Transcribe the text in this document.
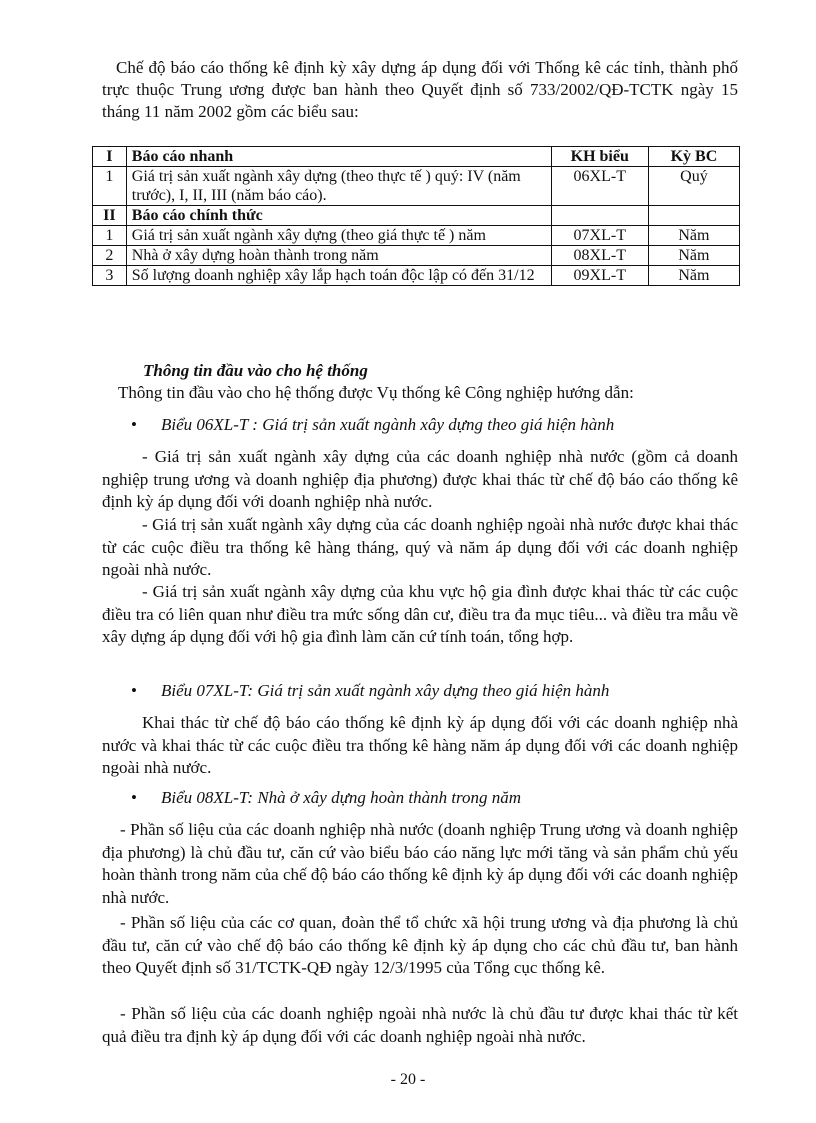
Chế độ báo cáo thống kê định kỳ xây dựng áp dụng đối với Thống kê các tỉnh, thành phố trực thuộc Trung ương được ban hành theo Quyết định số 733/2002/QĐ-TCTK ngày 15 tháng 11 năm 2002 gồm các biểu sau:

I	Báo cáo nhanh	KH biểu	Kỳ BC
1	Giá trị sản xuất ngành xây dựng (theo thực tế ) quý: IV (năm trước), I, II, III (năm báo cáo).	06XL-T	Quý
II	Báo cáo chính thức		
1	Giá trị sản xuất ngành xây dựng (theo giá thực tế ) năm	07XL-T	Năm
2	Nhà ở xây dựng hoàn thành trong năm	08XL-T	Năm
3	Số lượng doanh nghiệp xây lắp hạch toán độc lập có đến 31/12	09XL-T	Năm

Thông tin đầu vào cho hệ thống

Thông tin đầu vào cho hệ thống được Vụ thống kê Công nghiệp hướng dẫn:

• Biểu 06XL-T : Giá trị sản xuất ngành xây dựng theo giá hiện hành

- Giá trị sản xuất ngành xây dựng của các doanh nghiệp nhà nước (gồm cả doanh nghiệp trung ương và doanh nghiệp địa phương) được khai thác từ chế độ báo cáo thống kê định kỳ áp dụng đối với doanh nghiệp nhà nước.

- Giá trị sản xuất ngành xây dựng của các doanh nghiệp ngoài nhà nước được khai thác từ các cuộc điều tra thống kê hàng tháng, quý và năm áp dụng đối với các doanh nghiệp ngoài nhà nước.

- Giá trị sản xuất ngành xây dựng của khu vực hộ gia đình được khai thác từ các cuộc điều tra có liên quan như điều tra mức sống dân cư, điều tra đa mục tiêu... và điều tra mẫu về xây dựng áp dụng đối với hộ gia đình làm căn cứ tính toán, tổng hợp.

• Biểu 07XL-T: Giá trị sản xuất ngành xây dựng theo giá hiện hành

Khai thác từ chế độ báo cáo thống kê định kỳ áp dụng đối với các doanh nghiệp nhà nước và khai thác từ các cuộc điều tra thống kê hàng năm áp dụng đối với các doanh nghiệp ngoài nhà nước.

• Biểu 08XL-T: Nhà ở xây dựng hoàn thành trong năm

- Phần số liệu của các doanh nghiệp nhà nước (doanh nghiệp Trung ương và doanh nghiệp địa phương) là chủ đầu tư, căn cứ vào biểu báo cáo năng lực mới tăng và sản phẩm chủ yếu hoàn thành trong năm của chế độ báo cáo thống kê định kỳ áp dụng đối với các doanh nghiệp nhà nước.

- Phần số liệu của các cơ quan, đoàn thể tổ chức xã hội trung ương và địa phương là chủ đầu tư, căn cứ vào chế độ báo cáo thống kê định kỳ áp dụng cho các chủ đầu tư, ban hành theo Quyết định số 31/TCTK-QĐ ngày 12/3/1995 của Tổng cục thống kê.

- Phần số liệu của các doanh nghiệp ngoài nhà nước là chủ đầu tư được khai thác từ kết quả điều tra định kỳ áp dụng đối với các doanh nghiệp ngoài nhà nước.

- 20 -
